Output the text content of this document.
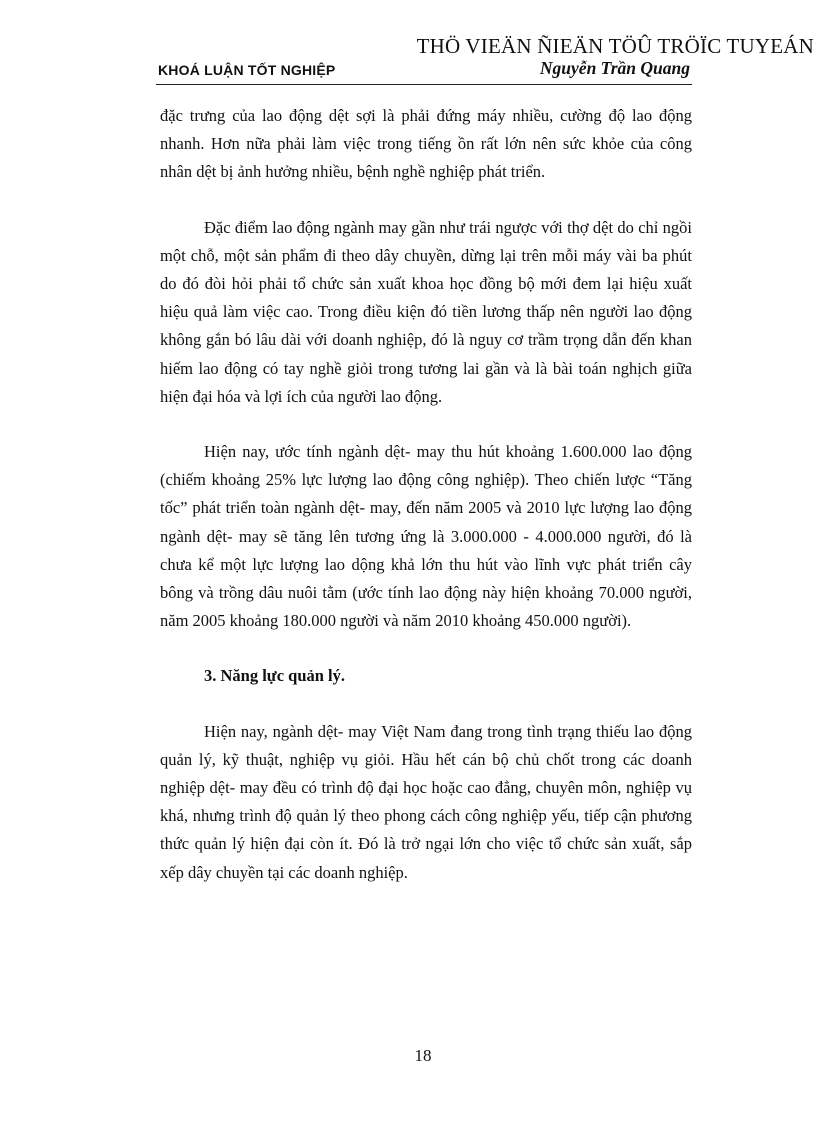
THÖ VIEÄN ÑIEÄN TÖÛ TRÖÏC TUYEÁN
KHOÁ LUẬN TỐT NGHIỆP	Nguyễn Trần Quang

đặc trưng của lao động dệt sợi là phải đứng máy nhiều, cường độ lao động nhanh. Hơn nữa phải làm việc trong tiếng ồn rất lớn nên sức khỏe của công nhân dệt bị ảnh hưởng nhiều, bệnh nghề nghiệp phát triển.

Đặc điểm lao động ngành may gần như trái ngược với thợ dệt do chỉ ngồi một chỗ, một sản phẩm đi theo dây chuyền, dừng lại trên mỗi máy vài ba phút do đó đòi hỏi phải tổ chức sản xuất khoa học đồng bộ mới đem lại hiệu xuất hiệu quả làm việc cao. Trong điều kiện đó tiền lương thấp nên người lao động không gắn bó lâu dài với doanh nghiệp, đó là nguy cơ trầm trọng dẫn đến khan hiếm lao động có tay nghề giỏi trong tương lai gần và là bài toán nghịch giữa hiện đại hóa và lợi ích của người lao động.

Hiện nay, ước tính ngành dệt- may thu hút khoảng 1.600.000 lao động (chiếm khoảng 25% lực lượng lao động công nghiệp). Theo chiến lược “Tăng tốc” phát triển toàn ngành dệt- may, đến năm 2005 và 2010 lực lượng lao động ngành dệt- may sẽ tăng lên tương ứng là 3.000.000 - 4.000.000 người, đó là chưa kể một lực lượng lao dộng khả lớn thu hút vào lĩnh vực phát triển cây bông và trồng dâu nuôi tằm (ước tính lao động này hiện khoảng 70.000 người, năm 2005 khoảng 180.000 người và năm 2010 khoảng 450.000 người).

3. Năng lực quản lý.

Hiện nay, ngành dệt- may Việt Nam đang trong tình trạng thiếu lao động quản lý, kỹ thuật, nghiệp vụ giỏi. Hầu hết cán bộ chủ chốt trong các doanh nghiệp dệt- may đều có trình độ đại học hoặc cao đẳng, chuyên môn, nghiệp vụ khá, nhưng trình độ quản lý theo phong cách công nghiệp yếu, tiếp cận phương thức quản lý hiện đại còn ít. Đó là trở ngại lớn cho việc tổ chức sản xuất, sắp xếp dây chuyền tại các doanh nghiệp.

18
